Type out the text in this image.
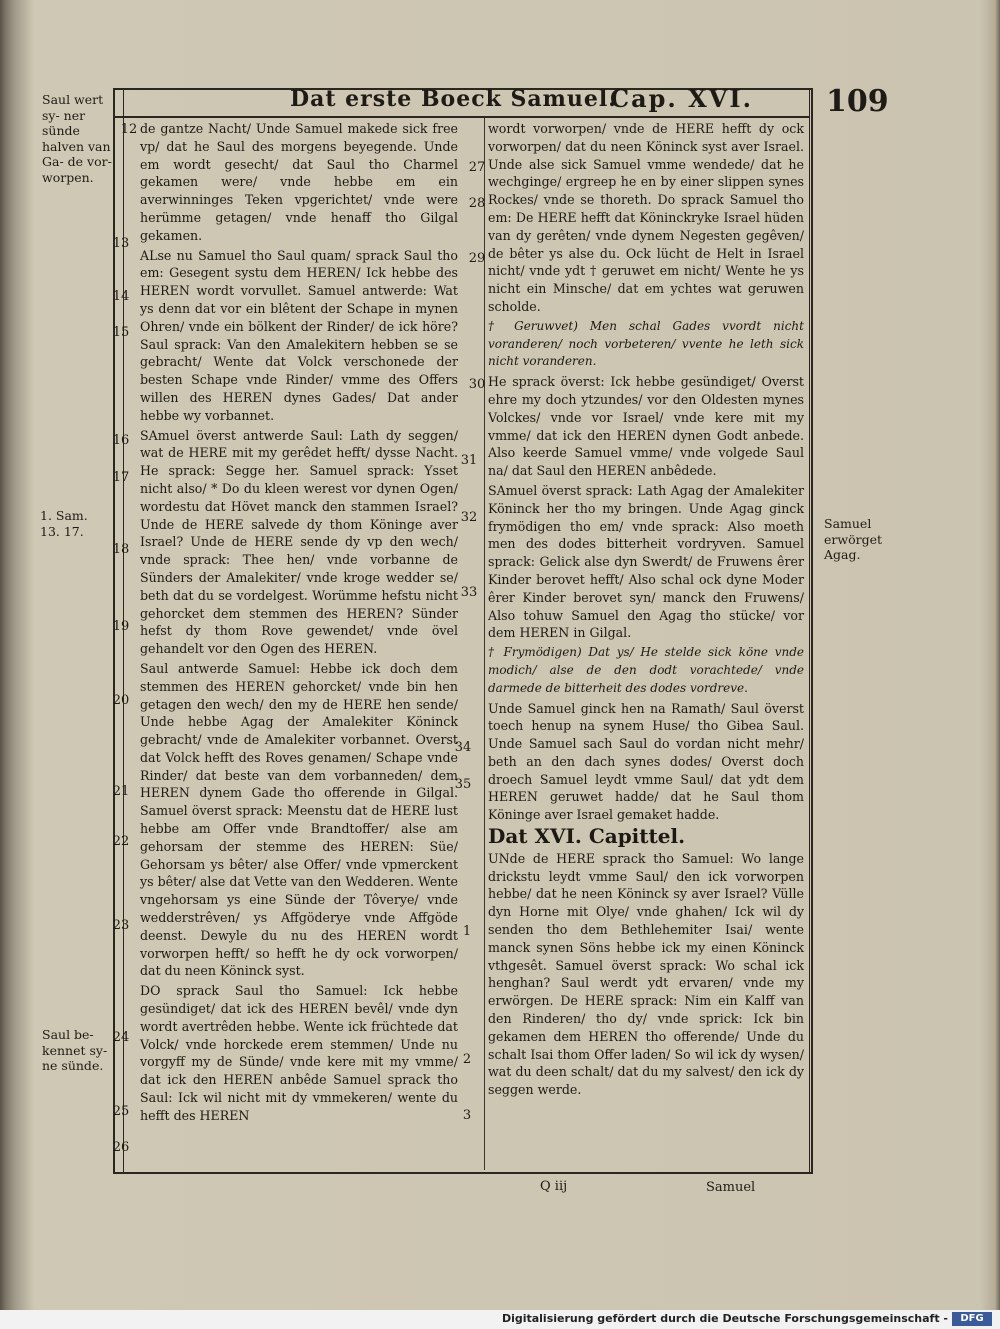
Dat erste Boeck Samuel.
Cap. XVI. 109
Saul wert sy- ner sünde halven van Ga- de vor- worpen.
1. Sam. 13. 17.
Saul be- kennet sy- ne sünde.
Samuel erwörget Agag.
12
13
14
15
16
17
18
19
20
21
22
23
24
25
26
27
28
29
30
31
32
33
34
35
1
2
3

de gantze Nacht/ Unde Samuel makede sick free vp/ dat he Saul des morgens beyegende. Unde em wordt gesecht/ dat Saul tho Charmel gekamen were/ vnde hebbe em ein averwinninges Teken vpgerichtet/ vnde were herümme getagen/ vnde henaff tho Gilgal gekamen.

ALse nu Samuel tho Saul quam/ sprack Saul tho em: Gesegent systu dem HEREN/ Ick hebbe des HEREN wordt vorvullet. Samuel antwerde: Wat ys denn dat vor ein blêtent der Schape in mynen Ohren/ vnde ein bölkent der Rinder/ de ick höre? Saul sprack: Van den Amalekitern hebben se se gebracht/ Wente dat Volck verschonede der besten Schape vnde Rinder/ vmme des Offers willen des HEREN dynes Gades/ Dat ander hebbe wy vorbannet.

SAmuel överst antwerde Saul: Lath dy seggen/ wat de HERE mit my gerêdet hefft/ dysse Nacht. He sprack: Segge her. Samuel sprack: Ysset nicht also/ * Do du kleen werest vor dynen Ogen/ wordestu dat Hövet manck den stammen Israel? Unde de HERE salvede dy thom Köninge aver Israel? Unde de HERE sende dy vp den wech/ vnde sprack: Thee hen/ vnde vorbanne de Sünders der Amalekiter/ vnde kroge wedder se/ beth dat du se vordelgest. Worümme hefstu nicht gehorcket dem stemmen des HEREN? Sünder hefst dy thom Rove gewendet/ vnde övel gehandelt vor den Ogen des HEREN.

Saul antwerde Samuel: Hebbe ick doch dem stemmen des HEREN gehorcket/ vnde bin hen getagen den wech/ den my de HERE hen sende/ Unde hebbe Agag der Amalekiter Köninck gebracht/ vnde de Amalekiter vorbannet. Overst dat Volck hefft des Roves genamen/ Schape vnde Rinder/ dat beste van dem vorbanneden/ dem HEREN dynem Gade tho offerende in Gilgal. Samuel överst sprack: Meenstu dat de HERE lust hebbe am Offer vnde Brandtoffer/ alse am gehorsam der stemme des HEREN: Süe/ Gehorsam ys bêter/ alse Offer/ vnde vpmerckent ys bêter/ alse dat Vette van den Wedderen. Wente vngehorsam ys eine Sünde der Tôverye/ vnde wedderstrêven/ ys Affgöderye vnde Affgöde deenst. Dewyle du nu des HEREN wordt vorworpen hefft/ so hefft he dy ock vorworpen/ dat du neen Köninck syst.

DO sprack Saul tho Samuel: Ick hebbe gesündiget/ dat ick des HEREN bevêl/ vnde dyn wordt avertrêden hebbe. Wente ick früchtede dat Volck/ vnde horckede erem stemmen/ Unde nu vorgyff my de Sünde/ vnde kere mit my vmme/ dat ick den HEREN anbêde Samuel sprack tho Saul: Ick wil nicht mit dy vmmekeren/ wente du hefft des HEREN

wordt vorworpen/ vnde de HERE hefft dy ock vorworpen/ dat du neen Köninck syst aver Israel. Unde alse sick Samuel vmme wendede/ dat he wechginge/ ergreep he en by einer slippen synes Rockes/ vnde se thoreth. Do sprack Samuel tho em: De HERE hefft dat Köninckryke Israel hüden van dy gerêten/ vnde dynem Negesten gegêven/ de bêter ys alse du. Ock lücht de Helt in Israel nicht/ vnde ydt † geruwet em nicht/ Wente he ys nicht ein Minsche/ dat em ychtes wat geruwen scholde.

† Geruwvet) Men schal Gades vvordt nicht voranderen/ noch vorbeteren/ vvente he leth sick nicht voranderen.

He sprack överst: Ick hebbe gesündiget/ Overst ehre my doch ytzundes/ vor den Oldesten mynes Volckes/ vnde vor Israel/ vnde kere mit my vmme/ dat ick den HEREN dynen Godt anbede. Also keerde Samuel vmme/ vnde volgede Saul na/ dat Saul den HEREN anbêdede.

SAmuel överst sprack: Lath Agag der Amalekiter Köninck her tho my bringen. Unde Agag ginck frymödigen tho em/ vnde sprack: Also moeth men des dodes bitterheit vordryven. Samuel sprack: Gelick alse dyn Swerdt/ de Fruwens êrer Kinder berovet hefft/ Also schal ock dyne Moder êrer Kinder berovet syn/ manck den Fruwens/ Also tohuw Samuel den Agag tho stücke/ vor dem HEREN in Gilgal.

† Frymödigen) Dat ys/ He stelde sick köne vnde modich/ alse de den dodt vorachtede/ vnde darmede de bitterheit des dodes vordreve.

Unde Samuel ginck hen na Ramath/ Saul överst toech henup na synem Huse/ tho Gibea Saul. Unde Samuel sach Saul do vordan nicht mehr/ beth an den dach synes dodes/ Overst doch droech Samuel leydt vmme Saul/ dat ydt dem HEREN geruwet hadde/ dat he Saul thom Köninge aver Israel gemaket hadde.

Dat XVI. Capittel.

UNde de HERE sprack tho Samuel: Wo lange drickstu leydt vmme Saul/ den ick vorworpen hebbe/ dat he neen Köninck sy aver Israel? Vülle dyn Horne mit Olye/ vnde ghahen/ Ick wil dy senden tho dem Bethlehemiter Isai/ wente manck synen Söns hebbe ick my einen Köninck vthgesêt. Samuel överst sprack: Wo schal ick henghan? Saul werdt ydt ervaren/ vnde my erwörgen. De HERE sprack: Nim ein Kalff van den Rinderen/ tho dy/ vnde sprick: Ick bin gekamen dem HEREN tho offerende/ Unde du schalt Isai thom Offer laden/ So wil ick dy wysen/ wat du deen schalt/ dat du my salvest/ den ick dy seggen werde.

Q iij	Samuel
Digitalisierung gefördert durch die Deutsche Forschungsgemeinschaft -	DFG
